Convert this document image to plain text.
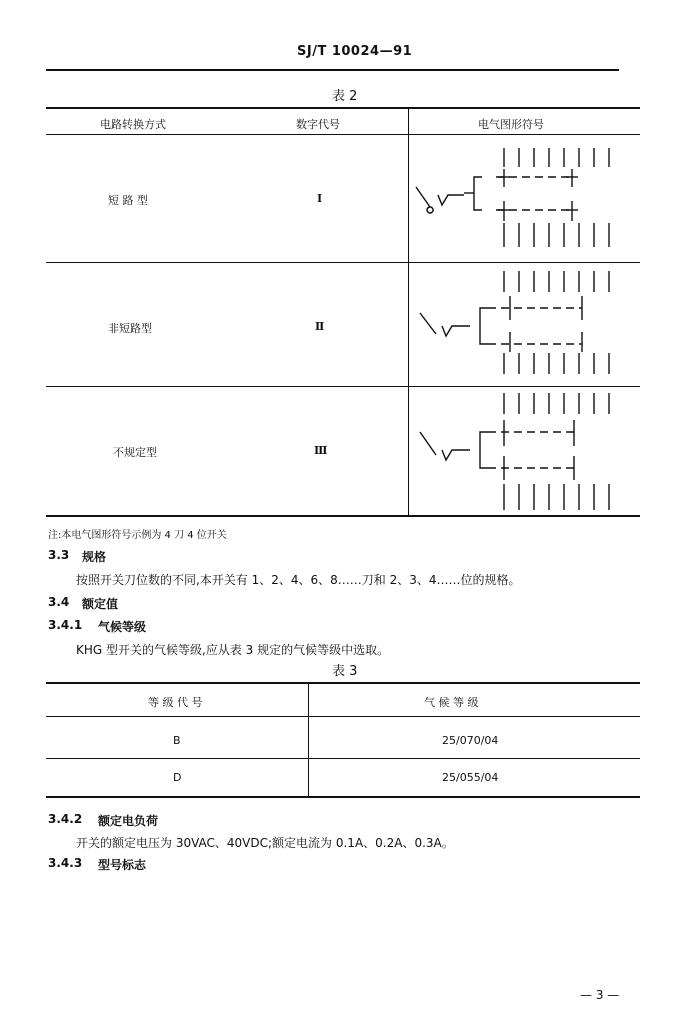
SJ/T 10024—91
表 2
电路转换方式	数字代号	电气图形符号
短 路 型	I
非短路型	Ⅱ
不规定型	Ⅲ
注:本电气图形符号示例为 4 刀 4 位开关
3.3 规格
按照开关刀位数的不同,本开关有 1、2、4、6、8……刀和 2、3、4……位的规格。
3.4 额定值
3.4.1 气候等级
KHG 型开关的气候等级,应从表 3 规定的气候等级中选取。
表 3
等 级 代 号	气 候 等 级
B	25/070/04
D	25/055/04
3.4.2 额定电负荷
开关的额定电压为 30VAC、40VDC;额定电流为 0.1A、0.2A、0.3A。
3.4.3 型号标志
— 3 —
